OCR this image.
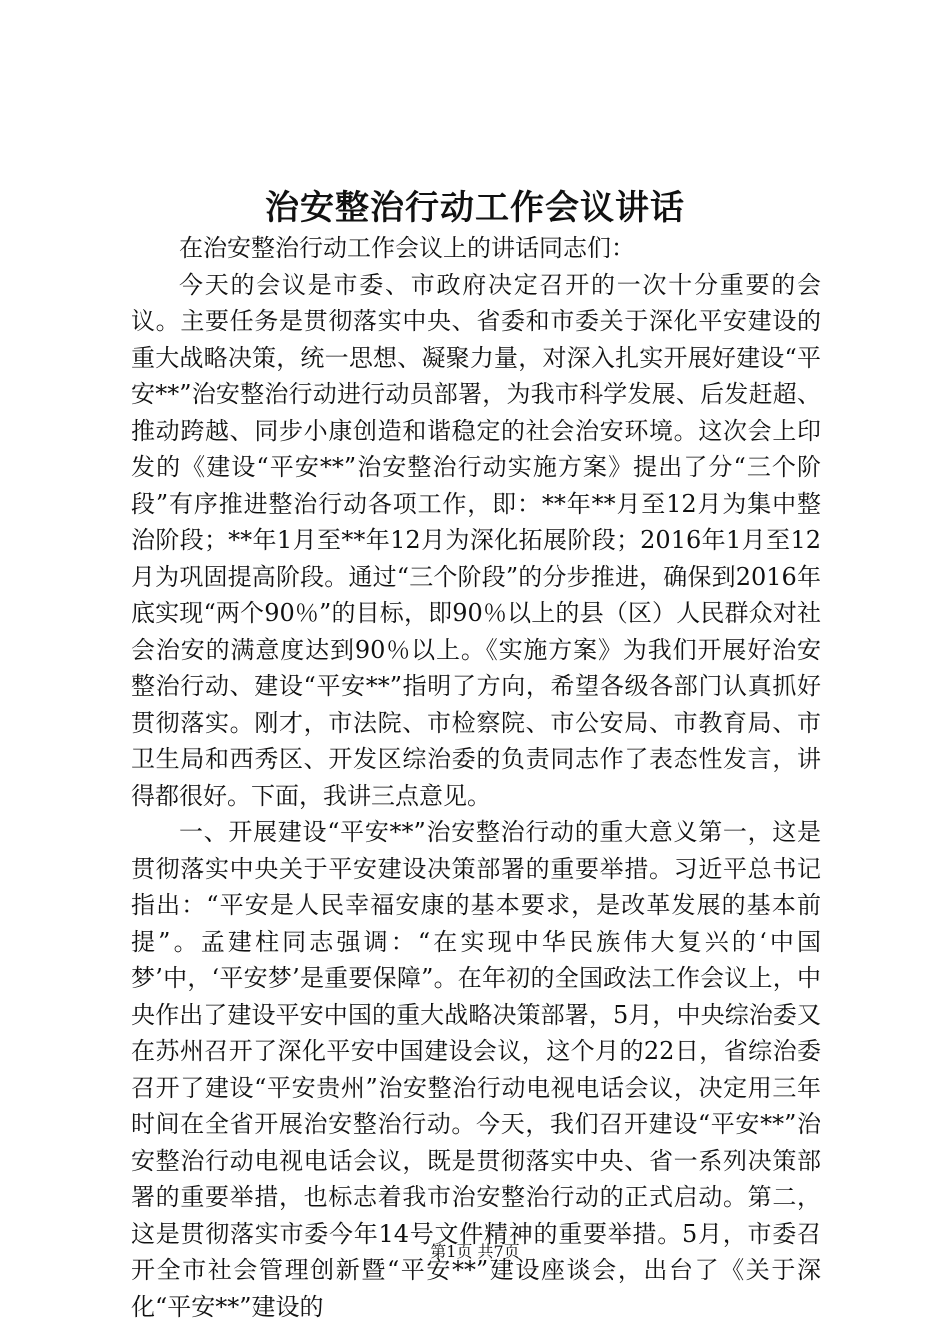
治安整治行动工作会议讲话

在治安整治行动工作会议上的讲话同志们：

今天的会议是市委、市政府决定召开的一次十分重要的会议。主要任务是贯彻落实中央、省委和市委关于深化平安建设的重大战略决策，统一思想、凝聚力量，对深入扎实开展好建设“平安**”治安整治行动进行动员部署，为我市科学发展、后发赶超、推动跨越、同步小康创造和谐稳定的社会治安环境。这次会上印发的《建设“平安**”治安整治行动实施方案》提出了分“三个阶段”有序推进整治行动各项工作，即：**年**月至12月为集中整治阶段；**年1月至**年12月为深化拓展阶段；2016年1月至12月为巩固提高阶段。通过“三个阶段”的分步推进，确保到2016年底实现“两个90％”的目标，即90％以上的县（区）人民群众对社会治安的满意度达到90％以上。《实施方案》为我们开展好治安整治行动、建设“平安**”指明了方向，希望各级各部门认真抓好贯彻落实。刚才，市法院、市检察院、市公安局、市教育局、市卫生局和西秀区、开发区综治委的负责同志作了表态性发言，讲得都很好。下面，我讲三点意见。

一、开展建设“平安**”治安整治行动的重大意义第一，这是贯彻落实中央关于平安建设决策部署的重要举措。习近平总书记指出：“平安是人民幸福安康的基本要求，是改革发展的基本前提”。孟建柱同志强调：“在实现中华民族伟大复兴的‘中国梦’中，‘平安梦’是重要保障”。在年初的全国政法工作会议上，中央作出了建设平安中国的重大战略决策部署，5月，中央综治委又在苏州召开了深化平安中国建设会议，这个月的22日，省综治委召开了建设“平安贵州”治安整治行动电视电话会议，决定用三年时间在全省开展治安整治行动。今天，我们召开建设“平安**”治安整治行动电视电话会议，既是贯彻落实中央、省一系列决策部署的重要举措，也标志着我市治安整治行动的正式启动。第二，这是贯彻落实市委今年14号文件精神的重要举措。5月，市委召开全市社会管理创新暨“平安**”建设座谈会，出台了《关于深化“平安**”建设的

第1页 共7页
